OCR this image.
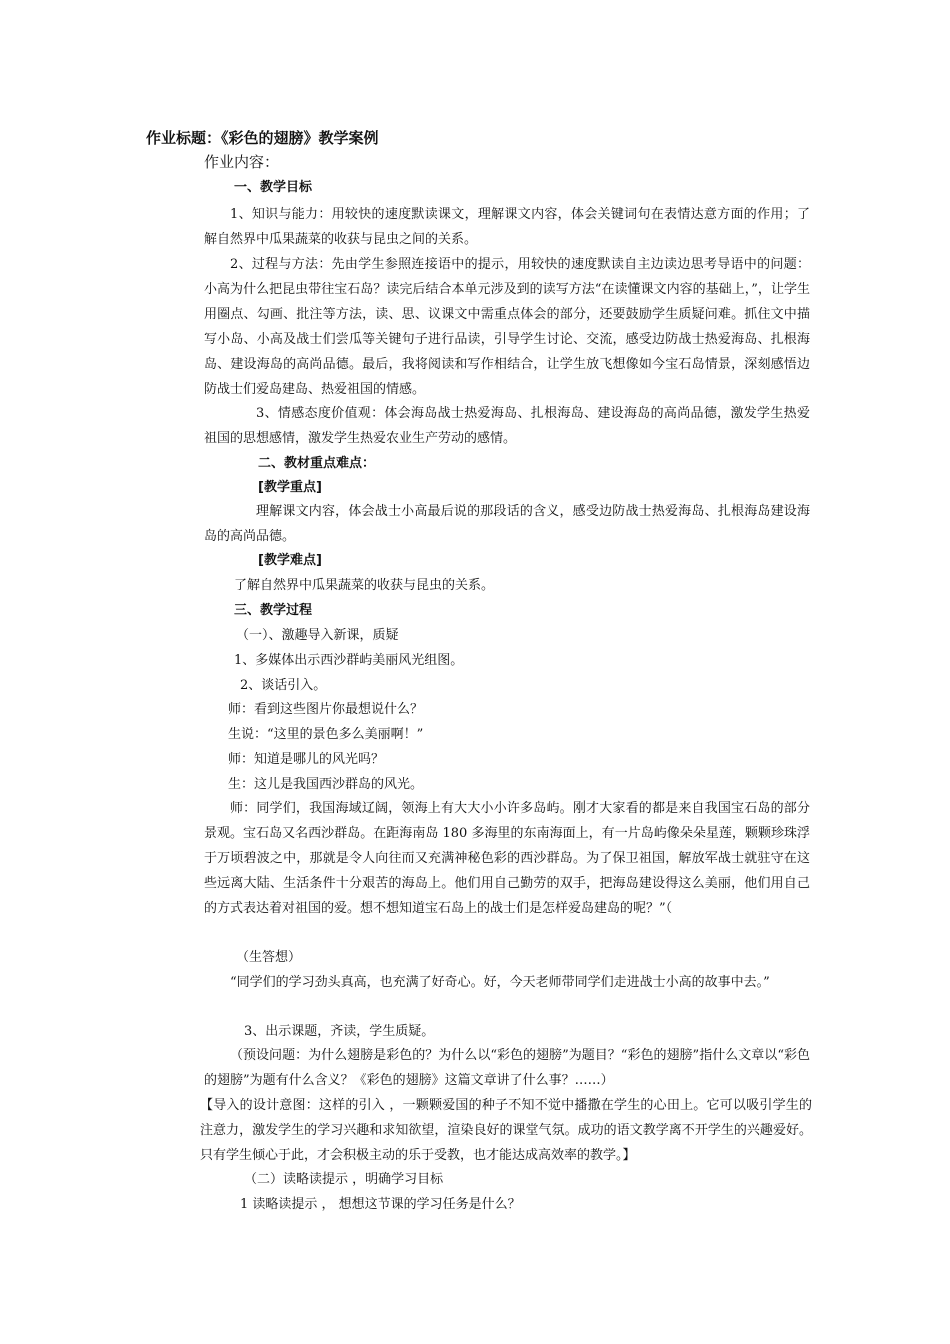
作业标题：《彩色的翅膀》教学案例
作业内容：
一、教学目标
1、知识与能力：用较快的速度默读课文，理解课文内容，体会关键词句在表情达意方面的作用；了解自然界中瓜果蔬菜的收获与昆虫之间的关系。
2、过程与方法：先由学生参照连接语中的提示，用较快的速度默读自主边读边思考导语中的问题：小高为什么把昆虫带往宝石岛？读完后结合本单元涉及到的读写方法“在读懂课文内容的基础上，”，让学生用圈点、勾画、批注等方法，读、思、议课文中需重点体会的部分，还要鼓励学生质疑问难。抓住文中描写小岛、小高及战士们尝瓜等关键句子进行品读，引导学生讨论、交流，感受边防战士热爱海岛、扎根海岛、建设海岛的高尚品德。最后，我将阅读和写作相结合，让学生放飞想像如今宝石岛情景，深刻感悟边防战士们爱岛建岛、热爱祖国的情感。
3、情感态度价值观：体会海岛战士热爱海岛、扎根海岛、建设海岛的高尚品德，激发学生热爱祖国的思想感情，激发学生热爱农业生产劳动的感情。
二、教材重点难点：
[教学重点]
理解课文内容，体会战士小高最后说的那段话的含义，感受边防战士热爱海岛、扎根海岛建设海岛的高尚品德。
[教学难点]
了解自然界中瓜果蔬菜的收获与昆虫的关系。
三、教学过程
（一）、激趣导入新课，质疑
1、多媒体出示西沙群屿美丽风光组图。
2、谈话引入。
师：看到这些图片你最想说什么？
生说：“这里的景色多么美丽啊！”
师：知道是哪儿的风光吗？
生：这儿是我国西沙群岛的风光。
师：同学们，我国海域辽阔，领海上有大大小小许多岛屿。刚才大家看的都是来自我国宝石岛的部分景观。宝石岛又名西沙群岛。在距海南岛 180 多海里的东南海面上，有一片岛屿像朵朵星莲，颗颗珍珠浮于万顷碧波之中，那就是令人向往而又充满神秘色彩的西沙群岛。为了保卫祖国，解放军战士就驻守在这些远离大陆、生活条件十分艰苦的海岛上。他们用自己勤劳的双手，把海岛建设得这么美丽，他们用自己的方式表达着对祖国的爱。想不想知道宝石岛上的战士们是怎样爱岛建岛的呢？”（
（生答想）
“同学们的学习劲头真高，也充满了好奇心。好，今天老师带同学们走进战士小高的故事中去。”
3、出示课题，齐读，学生质疑。
（预设问题：为什么翅膀是彩色的？为什么以“彩色的翅膀”为题目？“彩色的翅膀”指什么文章以“彩色的翅膀”为题有什么含义？《彩色的翅膀》这篇文章讲了什么事？……）
【导入的设计意图：这样的引入 ，一颗颗爱国的种子不知不觉中播撒在学生的心田上。它可以吸引学生的注意力，激发学生的学习兴趣和求知欲望，渲染良好的课堂气氛。成功的语文教学离不开学生的兴趣爱好。只有学生倾心于此，才会积极主动的乐于受教，也才能达成高效率的教学。】
（二）读略读提示 ，明确学习目标
1 读略读提示 ， 想想这节课的学习任务是什么？
